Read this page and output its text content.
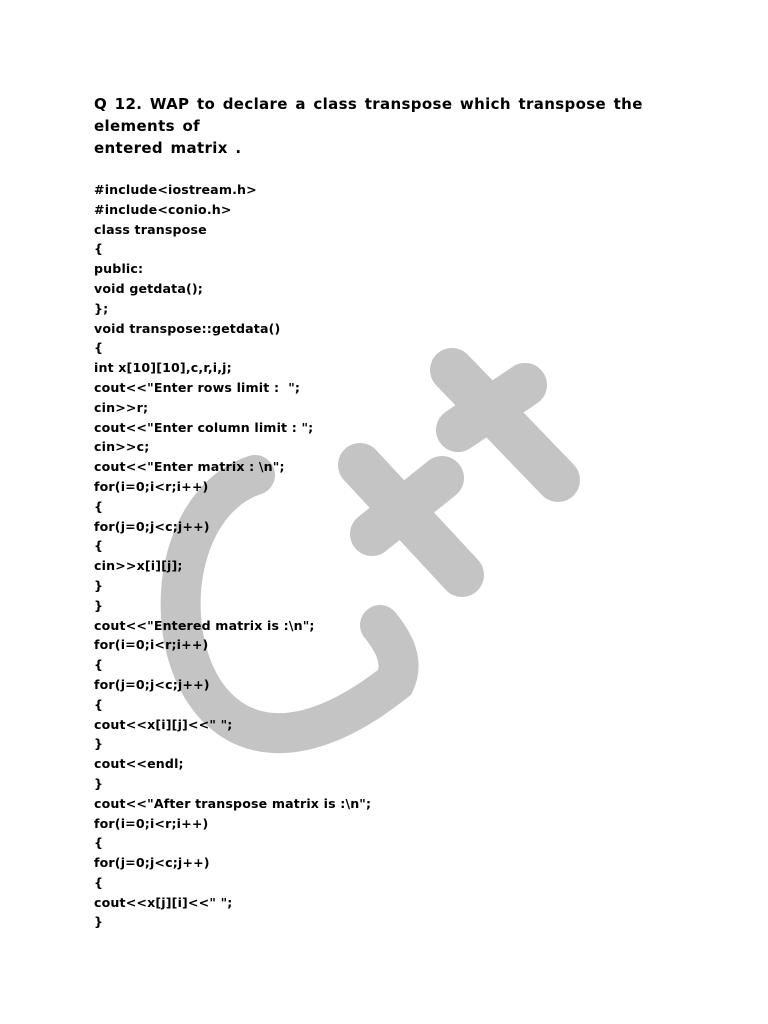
Q 12. WAP to declare a class transpose which transpose the elements of
entered matrix .

#include<iostream.h>
#include<conio.h>
class transpose
{
public:
void getdata();
};
void transpose::getdata()
{
int x[10][10],c,r,i,j;
cout<<"Enter rows limit :  ";
cin>>r;
cout<<"Enter column limit : ";
cin>>c;
cout<<"Enter matrix : \n";
for(i=0;i<r;i++)
{
for(j=0;j<c;j++)
{
cin>>x[i][j];
}
}
cout<<"Entered matrix is :\n";
for(i=0;i<r;i++)
{
for(j=0;j<c;j++)
{
cout<<x[i][j]<<" ";
}
cout<<endl;
}
cout<<"After transpose matrix is :\n";
for(i=0;i<r;i++)
{
for(j=0;j<c;j++)
{
cout<<x[j][i]<<" ";
}
